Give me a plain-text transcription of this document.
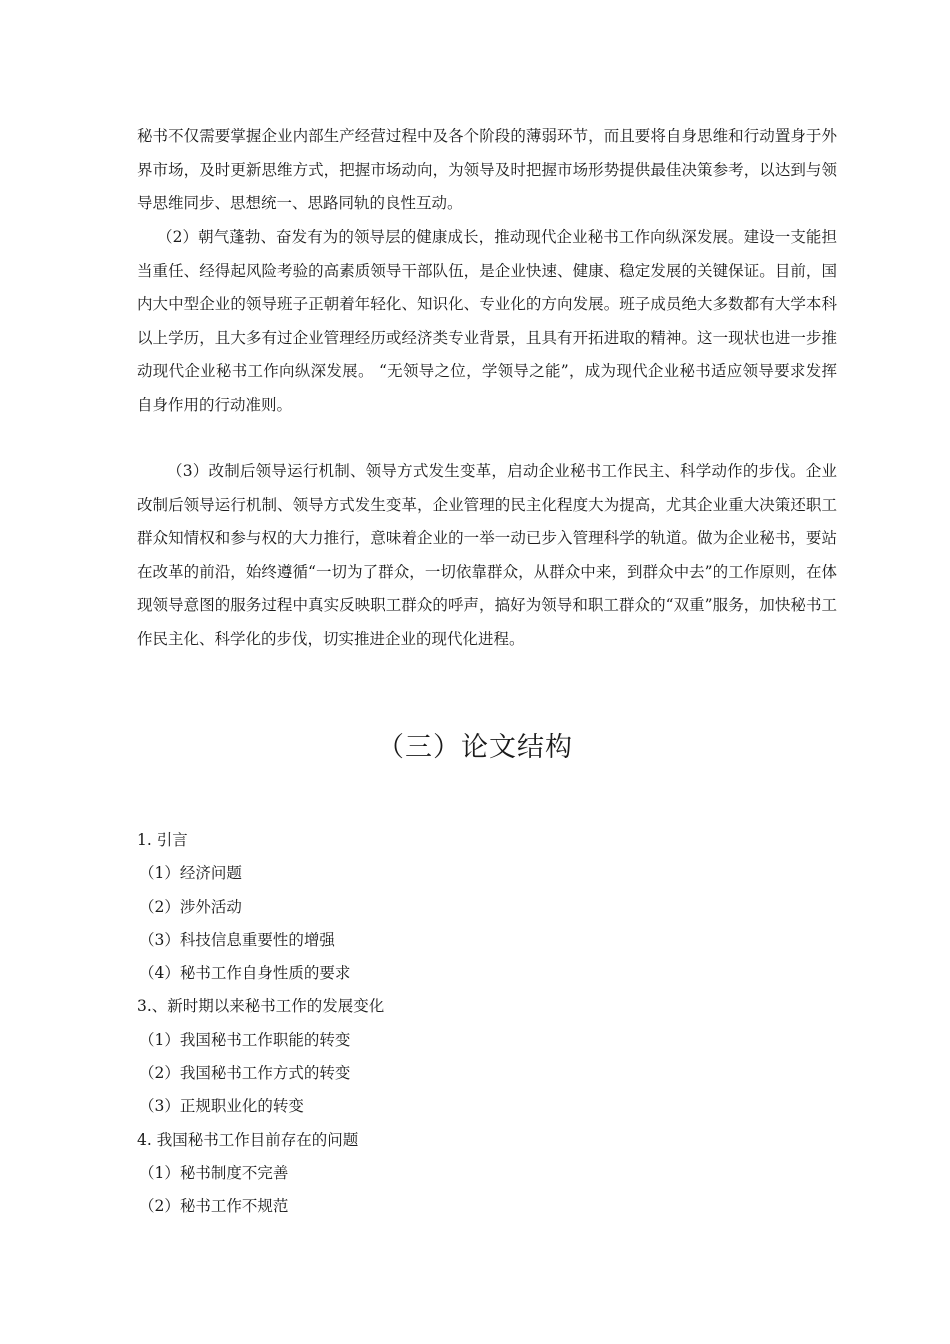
秘书不仅需要掌握企业内部生产经营过程中及各个阶段的薄弱环节，而且要将自身思维和行动置身于外界市场，及时更新思维方式，把握市场动向，为领导及时把握市场形势提供最佳决策参考，以达到与领导思维同步、思想统一、思路同轨的良性互动。

（2）朝气蓬勃、奋发有为的领导层的健康成长，推动现代企业秘书工作向纵深发展。建设一支能担当重任、经得起风险考验的高素质领导干部队伍，是企业快速、健康、稳定发展的关键保证。目前，国内大中型企业的领导班子正朝着年轻化、知识化、专业化的方向发展。班子成员绝大多数都有大学本科以上学历，且大多有过企业管理经历或经济类专业背景，且具有开拓进取的精神。这一现状也进一步推动现代企业秘书工作向纵深发展。 “无领导之位，学领导之能”，成为现代企业秘书适应领导要求发挥自身作用的行动准则。

（3）改制后领导运行机制、领导方式发生变革，启动企业秘书工作民主、科学动作的步伐。企业改制后领导运行机制、领导方式发生变革，企业管理的民主化程度大为提高，尤其企业重大决策还职工群众知情权和参与权的大力推行，意味着企业的一举一动已步入管理科学的轨道。做为企业秘书，要站在改革的前沿，始终遵循“一切为了群众，一切依靠群众，从群众中来，到群众中去”的工作原则，在体现领导意图的服务过程中真实反映职工群众的呼声，搞好为领导和职工群众的“双重”服务，加快秘书工作民主化、科学化的步伐，切实推进企业的现代化进程。

（三）论文结构
1. 引言
（1）经济问题
（2）涉外活动
（3）科技信息重要性的增强
（4）秘书工作自身性质的要求
3.、新时期以来秘书工作的发展变化
（1）我国秘书工作职能的转变
（2）我国秘书工作方式的转变
（3）正规职业化的转变
4. 我国秘书工作目前存在的问题
（1）秘书制度不完善
（2）秘书工作不规范
